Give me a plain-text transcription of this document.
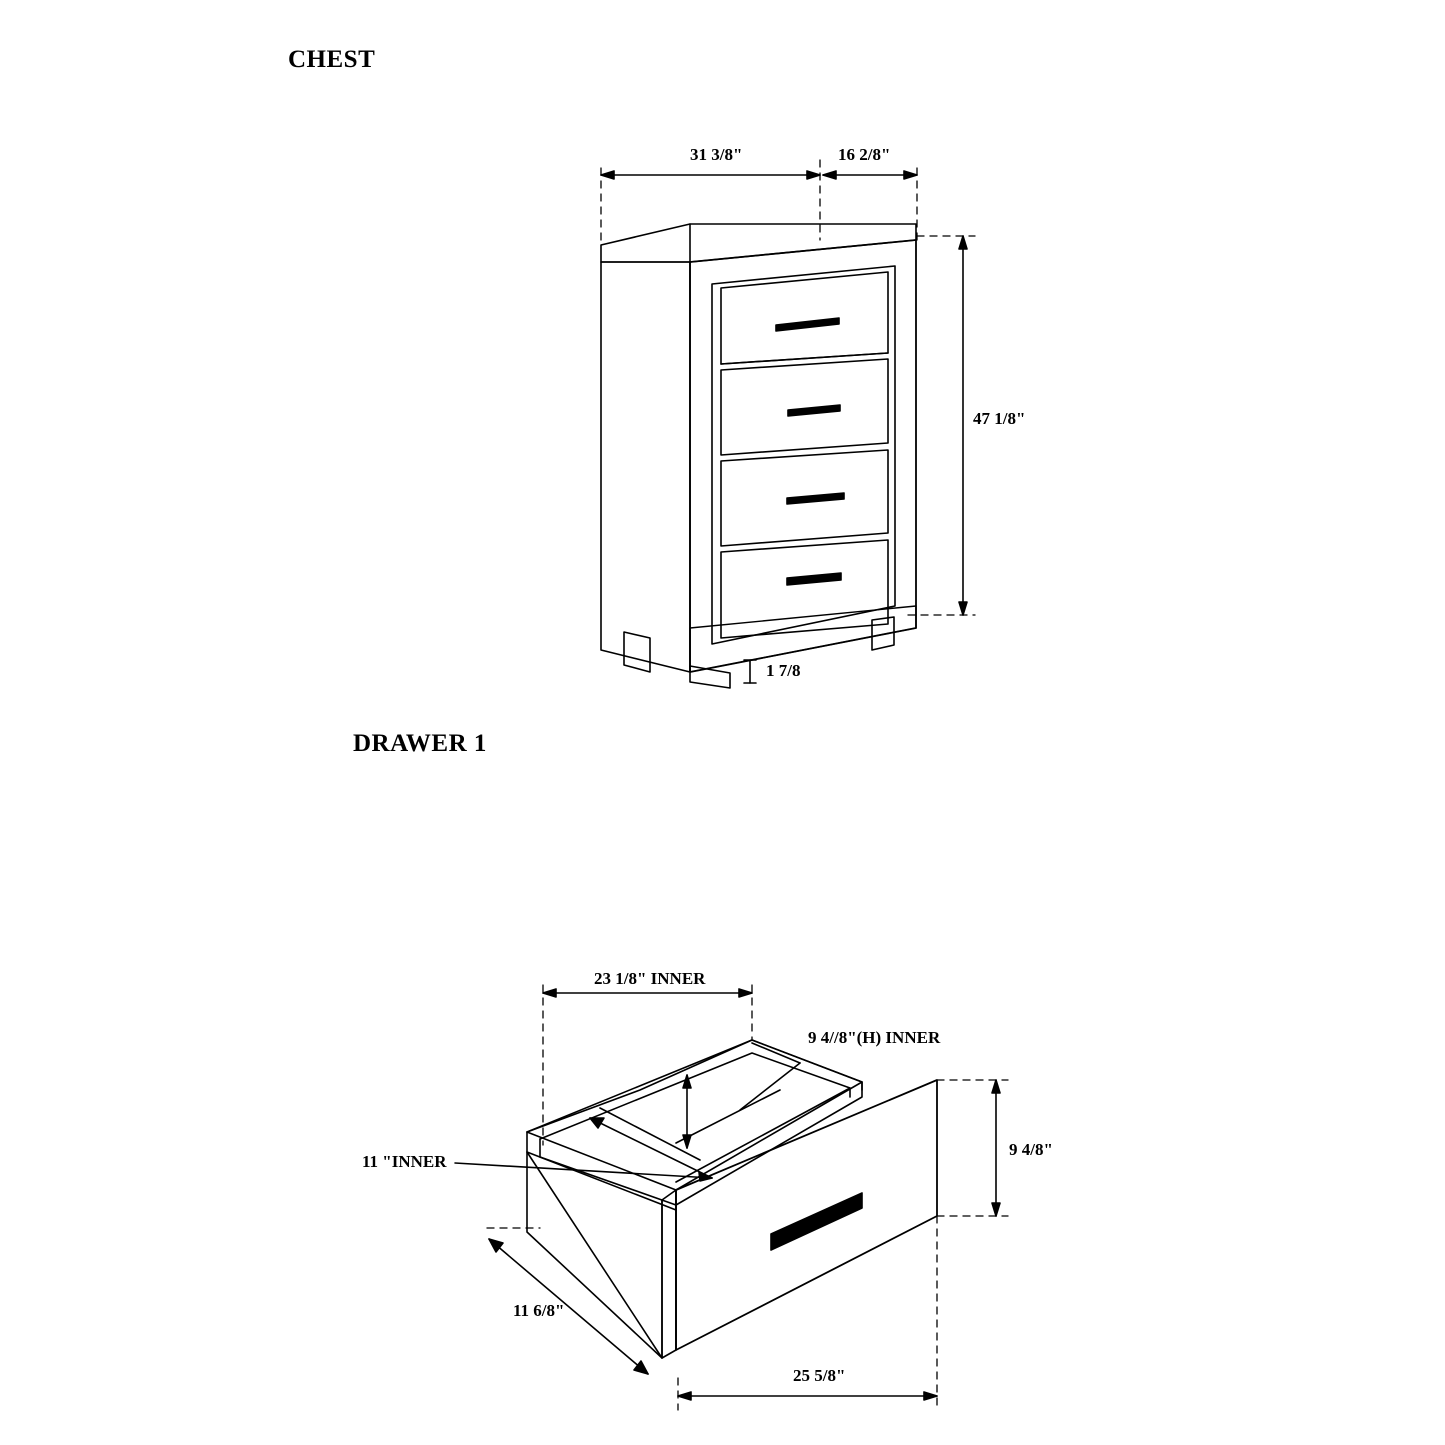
CHEST
DRAWER 1
31 3/8"	16 2/8"
47 1/8"
1 7/8
23 1/8" INNER
9 4//8"(H) INNER
11 "INNER
9 4/8"
11 6/8"
25 5/8"
